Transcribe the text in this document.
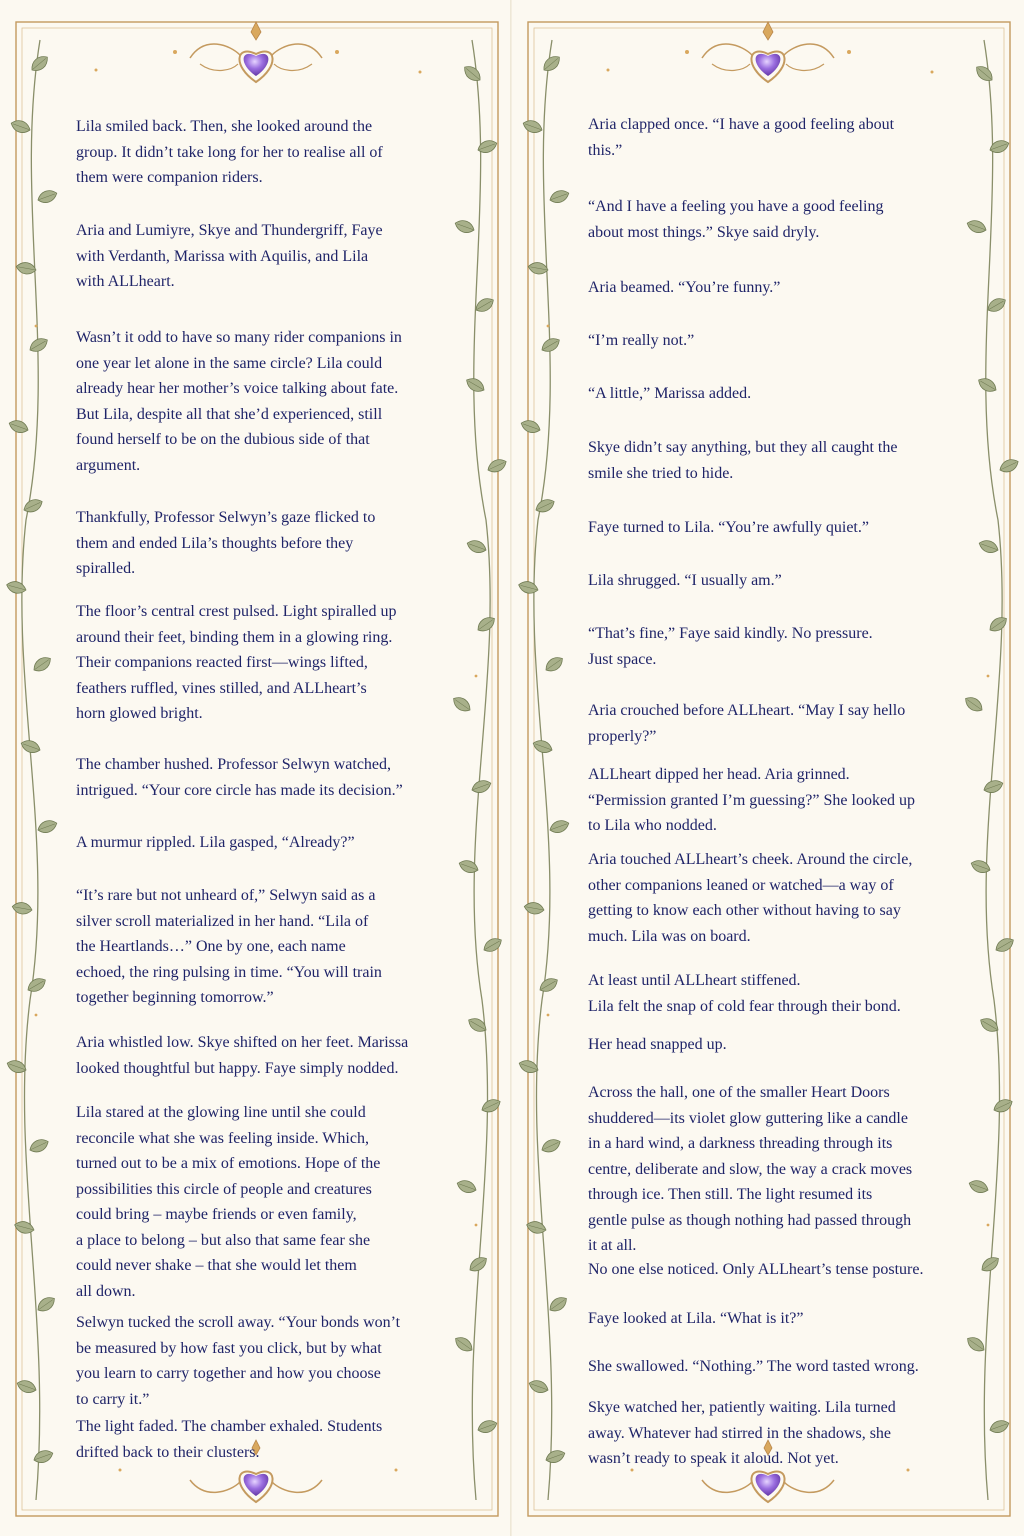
Lila smiled back. Then, she looked around the
group. It didn’t take long for her to realise all of
them were companion riders.

Aria and Lumiyre, Skye and Thundergriff, Faye
with Verdanth, Marissa with Aquilis, and Lila
with ALLheart.

Wasn’t it odd to have so many rider companions in
one year let alone in the same circle? Lila could
already hear her mother’s voice talking about fate.
But Lila, despite all that she’d experienced, still
found herself to be on the dubious side of that
argument.

Thankfully, Professor Selwyn’s gaze flicked to
them and ended Lila’s thoughts before they
spiralled.

The floor’s central crest pulsed. Light spiralled up
around their feet, binding them in a glowing ring.
Their companions reacted first—wings lifted,
feathers ruffled, vines stilled, and ALLheart’s
horn glowed bright.

The chamber hushed. Professor Selwyn watched,
intrigued. “Your core circle has made its decision.”

A murmur rippled. Lila gasped, “Already?”

“It’s rare but not unheard of,” Selwyn said as a
silver scroll materialized in her hand. “Lila of
the Heartlands…” One by one, each name
echoed, the ring pulsing in time. “You will train
together beginning tomorrow.”

Aria whistled low. Skye shifted on her feet. Marissa
looked thoughtful but happy. Faye simply nodded.

Lila stared at the glowing line until she could
reconcile what she was feeling inside. Which,
turned out to be a mix of emotions. Hope of the
possibilities this circle of people and creatures
could bring – maybe friends or even family,
a place to belong – but also that same fear she
could never shake – that she would let them
all down.

Selwyn tucked the scroll away. “Your bonds won’t
be measured by how fast you click, but by what
you learn to carry together and how you choose
to carry it.”

The light faded. The chamber exhaled. Students
drifted back to their clusters.

Aria clapped once. “I have a good feeling about
this.”

“And I have a feeling you have a good feeling
about most things.” Skye said dryly.

Aria beamed. “You’re funny.”

“I’m really not.”

“A little,” Marissa added.

Skye didn’t say anything, but they all caught the
smile she tried to hide.

Faye turned to Lila. “You’re awfully quiet.”

Lila shrugged. “I usually am.”

“That’s fine,” Faye said kindly. No pressure.
Just space.

Aria crouched before ALLheart. “May I say hello
properly?”

ALLheart dipped her head. Aria grinned.
“Permission granted I’m guessing?” She looked up
to Lila who nodded.

Aria touched ALLheart’s cheek. Around the circle,
other companions leaned or watched—a way of
getting to know each other without having to say
much. Lila was on board.

At least until ALLheart stiffened.
Lila felt the snap of cold fear through their bond.

Her head snapped up.

Across the hall, one of the smaller Heart Doors
shuddered—its violet glow guttering like a candle
in a hard wind, a darkness threading through its
centre, deliberate and slow, the way a crack moves
through ice. Then still. The light resumed its
gentle pulse as though nothing had passed through
it at all.

No one else noticed. Only ALLheart’s tense posture.

Faye looked at Lila. “What is it?”

She swallowed. “Nothing.” The word tasted wrong.

Skye watched her, patiently waiting. Lila turned
away. Whatever had stirred in the shadows, she
wasn’t ready to speak it aloud. Not yet.
